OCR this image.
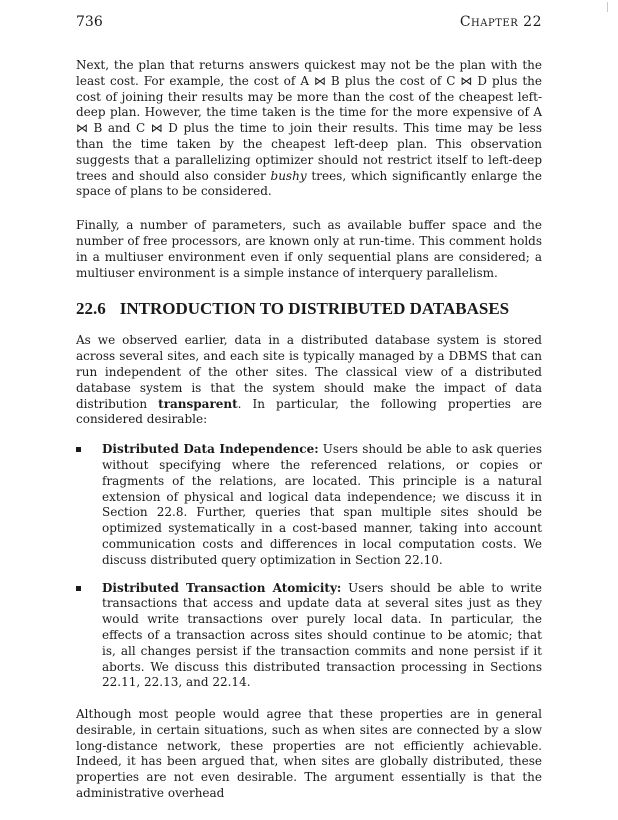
736	Chapter 22

Next, the plan that returns answers quickest may not be the plan with the least cost. For example, the cost of A ⋈ B plus the cost of C ⋈ D plus the cost of joining their results may be more than the cost of the cheapest left-deep plan. However, the time taken is the time for the more expensive of A ⋈ B and C ⋈ D plus the time to join their results. This time may be less than the time taken by the cheapest left-deep plan. This observation suggests that a parallelizing optimizer should not restrict itself to left-deep trees and should also consider bushy trees, which significantly enlarge the space of plans to be considered.

Finally, a number of parameters, such as available buffer space and the number of free processors, are known only at run-time. This comment holds in a multiuser environment even if only sequential plans are considered; a multiuser environment is a simple instance of interquery parallelism.

22.6 INTRODUCTION TO DISTRIBUTED DATABASES

As we observed earlier, data in a distributed database system is stored across several sites, and each site is typically managed by a DBMS that can run independent of the other sites. The classical view of a distributed database system is that the system should make the impact of data distribution transparent. In particular, the following properties are considered desirable:

Distributed Data Independence: Users should be able to ask queries without specifying where the referenced relations, or copies or fragments of the relations, are located. This principle is a natural extension of physical and logical data independence; we discuss it in Section 22.8. Further, queries that span multiple sites should be optimized systematically in a cost-based manner, taking into account communication costs and differences in local computation costs. We discuss distributed query optimization in Section 22.10.
Distributed Transaction Atomicity: Users should be able to write transactions that access and update data at several sites just as they would write transactions over purely local data. In particular, the effects of a transaction across sites should continue to be atomic; that is, all changes persist if the transaction commits and none persist if it aborts. We discuss this distributed transaction processing in Sections 22.11, 22.13, and 22.14.

Although most people would agree that these properties are in general desirable, in certain situations, such as when sites are connected by a slow long-distance network, these properties are not efficiently achievable. Indeed, it has been argued that, when sites are globally distributed, these properties are not even desirable. The argument essentially is that the administrative overhead
